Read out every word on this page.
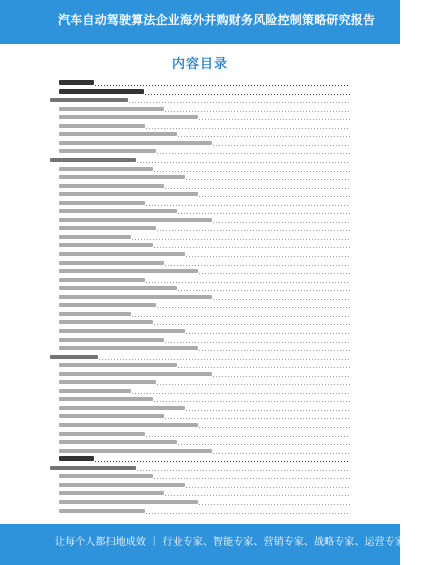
汽车自动驾驶算法企业海外并购财务风险控制策略研究报告
内容目录
让每个人都扫地成效 ｜ 行业专家、智能专家、营销专家、战略专家、运营专家……
